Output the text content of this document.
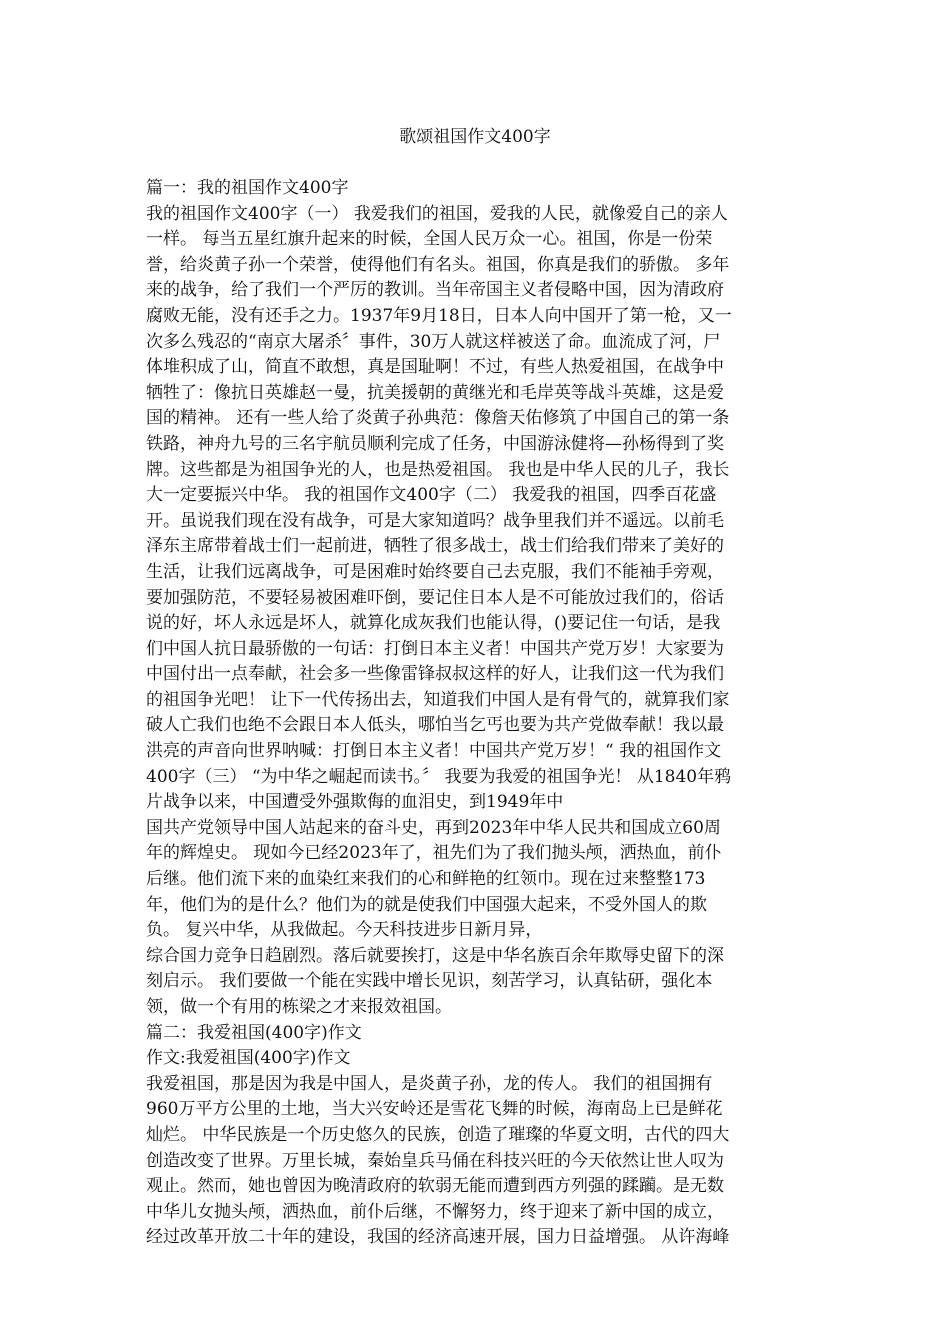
歌颂祖国作文400字
篇一：我的祖国作文400字
我的祖国作文400字（一） 我爱我们的祖国，爱我的人民，就像爱自己的亲人
一样。 每当五星红旗升起来的时候，全国人民万众一心。祖国，你是一份荣
誉，给炎黄子孙一个荣誉，使得他们有名头。祖国，你真是我们的骄傲。 多年
来的战争，给了我们一个严厉的教训。当年帝国主义者侵略中国，因为清政府
腐败无能，没有还手之力。1937年9月18日，日本人向中国开了第一枪，又一
次多么残忍的“南京大屠杀〞事件，30万人就这样被送了命。血流成了河，尸
体堆积成了山，简直不敢想，真是国耻啊！不过，有些人热爱祖国，在战争中
牺牲了：像抗日英雄赵一曼，抗美援朝的黄继光和毛岸英等战斗英雄，这是爱
国的精神。 还有一些人给了炎黄子孙典范：像詹天佑修筑了中国自己的第一条
铁路，神舟九号的三名宇航员顺利完成了任务，中国游泳健将—孙杨得到了奖
牌。这些都是为祖国争光的人，也是热爱祖国。 我也是中华人民的儿子，我长
大一定要振兴中华。 我的祖国作文400字（二） 我爱我的祖国，四季百花盛
开。虽说我们现在没有战争，可是大家知道吗？战争里我们并不遥远。以前毛
泽东主席带着战士们一起前进，牺牲了很多战士，战士们给我们带来了美好的
生活，让我们远离战争，可是困难时始终要自己去克服，我们不能袖手旁观，
要加强防范，不要轻易被困难吓倒，要记住日本人是不可能放过我们的，俗话
说的好，坏人永远是坏人，就算化成灰我们也能认得，()要记住一句话，是我
们中国人抗日最骄傲的一句话：打倒日本主义者！中国共产党万岁！大家要为
中国付出一点奉献，社会多一些像雷锋叔叔这样的好人，让我们这一代为我们
的祖国争光吧！ 让下一代传扬出去，知道我们中国人是有骨气的，就算我们家
破人亡我们也绝不会跟日本人低头，哪怕当乞丐也要为共产党做奉献！我以最
洪亮的声音向世界呐喊：打倒日本主义者！中国共产党万岁！“ 我的祖国作文
400字（三） “为中华之崛起而读书。〞 我要为我爱的祖国争光！ 从1840年鸦
片战争以来，中国遭受外强欺侮的血泪史，到1949年中
国共产党领导中国人站起来的奋斗史，再到2023年中华人民共和国成立60周
年的辉煌史。 现如今已经2023年了，祖先们为了我们抛头颅，洒热血，前仆
后继。他们流下来的血染红来我们的心和鲜艳的红领巾。现在过来整整173
年，他们为的是什么？他们为的就是使我们中国强大起来，不受外国人的欺
负。 复兴中华，从我做起。今天科技进步日新月异，
综合国力竞争日趋剧烈。落后就要挨打，这是中华名族百余年欺辱史留下的深
刻启示。 我们要做一个能在实践中增长见识，刻苦学习，认真钻研，强化本
领，做一个有用的栋梁之才来报效祖国。
篇二：我爱祖国(400字)作文
作文:我爱祖国(400字)作文
我爱祖国，那是因为我是中国人，是炎黄子孙，龙的传人。 我们的祖国拥有
960万平方公里的土地，当大兴安岭还是雪花飞舞的时候，海南岛上已是鲜花
灿烂。 中华民族是一个历史悠久的民族，创造了璀璨的华夏文明，古代的四大
创造改变了世界。万里长城，秦始皇兵马俑在科技兴旺的今天依然让世人叹为
观止。然而，她也曾因为晚清政府的软弱无能而遭到西方列强的蹂躏。是无数
中华儿女抛头颅，洒热血，前仆后继，不懈努力，终于迎来了新中国的成立，
经过改革开放二十年的建设，我国的经济高速开展，国力日益增强。 从许海峰
